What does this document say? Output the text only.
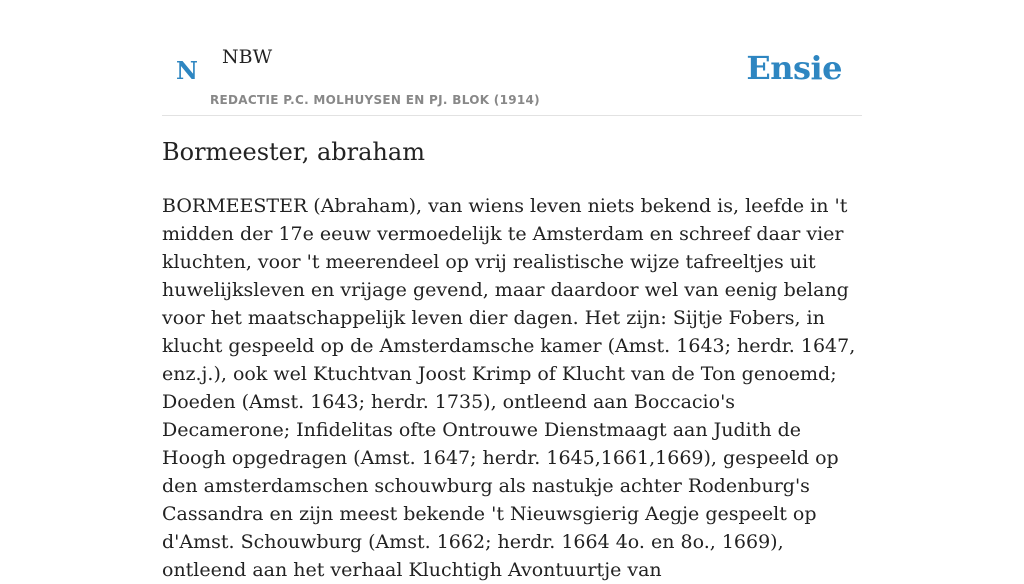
N NBW
REDACTIE P.C. MOLHUYSEN EN PJ. BLOK (1914)
Ensie
Bormeester, abraham

BORMEESTER (Abraham), van wiens leven niets bekend is, leefde in 't midden der 17e eeuw vermoedelijk te Amsterdam en schreef daar vier kluchten, voor 't meerendeel op vrij realistische wijze tafreeltjes uit huwelijksleven en vrijage gevend, maar daardoor wel van eenig belang voor het maatschappelijk leven dier dagen. Het zijn: Sijtje Fobers, in klucht gespeeld op de Amsterdamsche kamer (Amst. 1643; herdr. 1647, enz.j.), ook wel Ktuchtvan Joost Krimp of Klucht van de Ton genoemd; Doeden (Amst. 1643; herdr. 1735), ontleend aan Boccacio's Decamerone; Infidelitas ofte Ontrouwe Dienstmaagt aan Judith de Hoogh opgedragen (Amst. 1647; herdr. 1645,1661,1669), gespeeld op den amsterdamschen schouwburg als nastukje achter Rodenburg's Cassandra en zijn meest bekende 't Nieuwsgierig Aegje gespeelt op d'Amst. Schouwburg (Amst. 1662; herdr. 1664 4o. en 8o., 1669), ontleend aan het verhaal Kluchtigh Avontuurtje van
